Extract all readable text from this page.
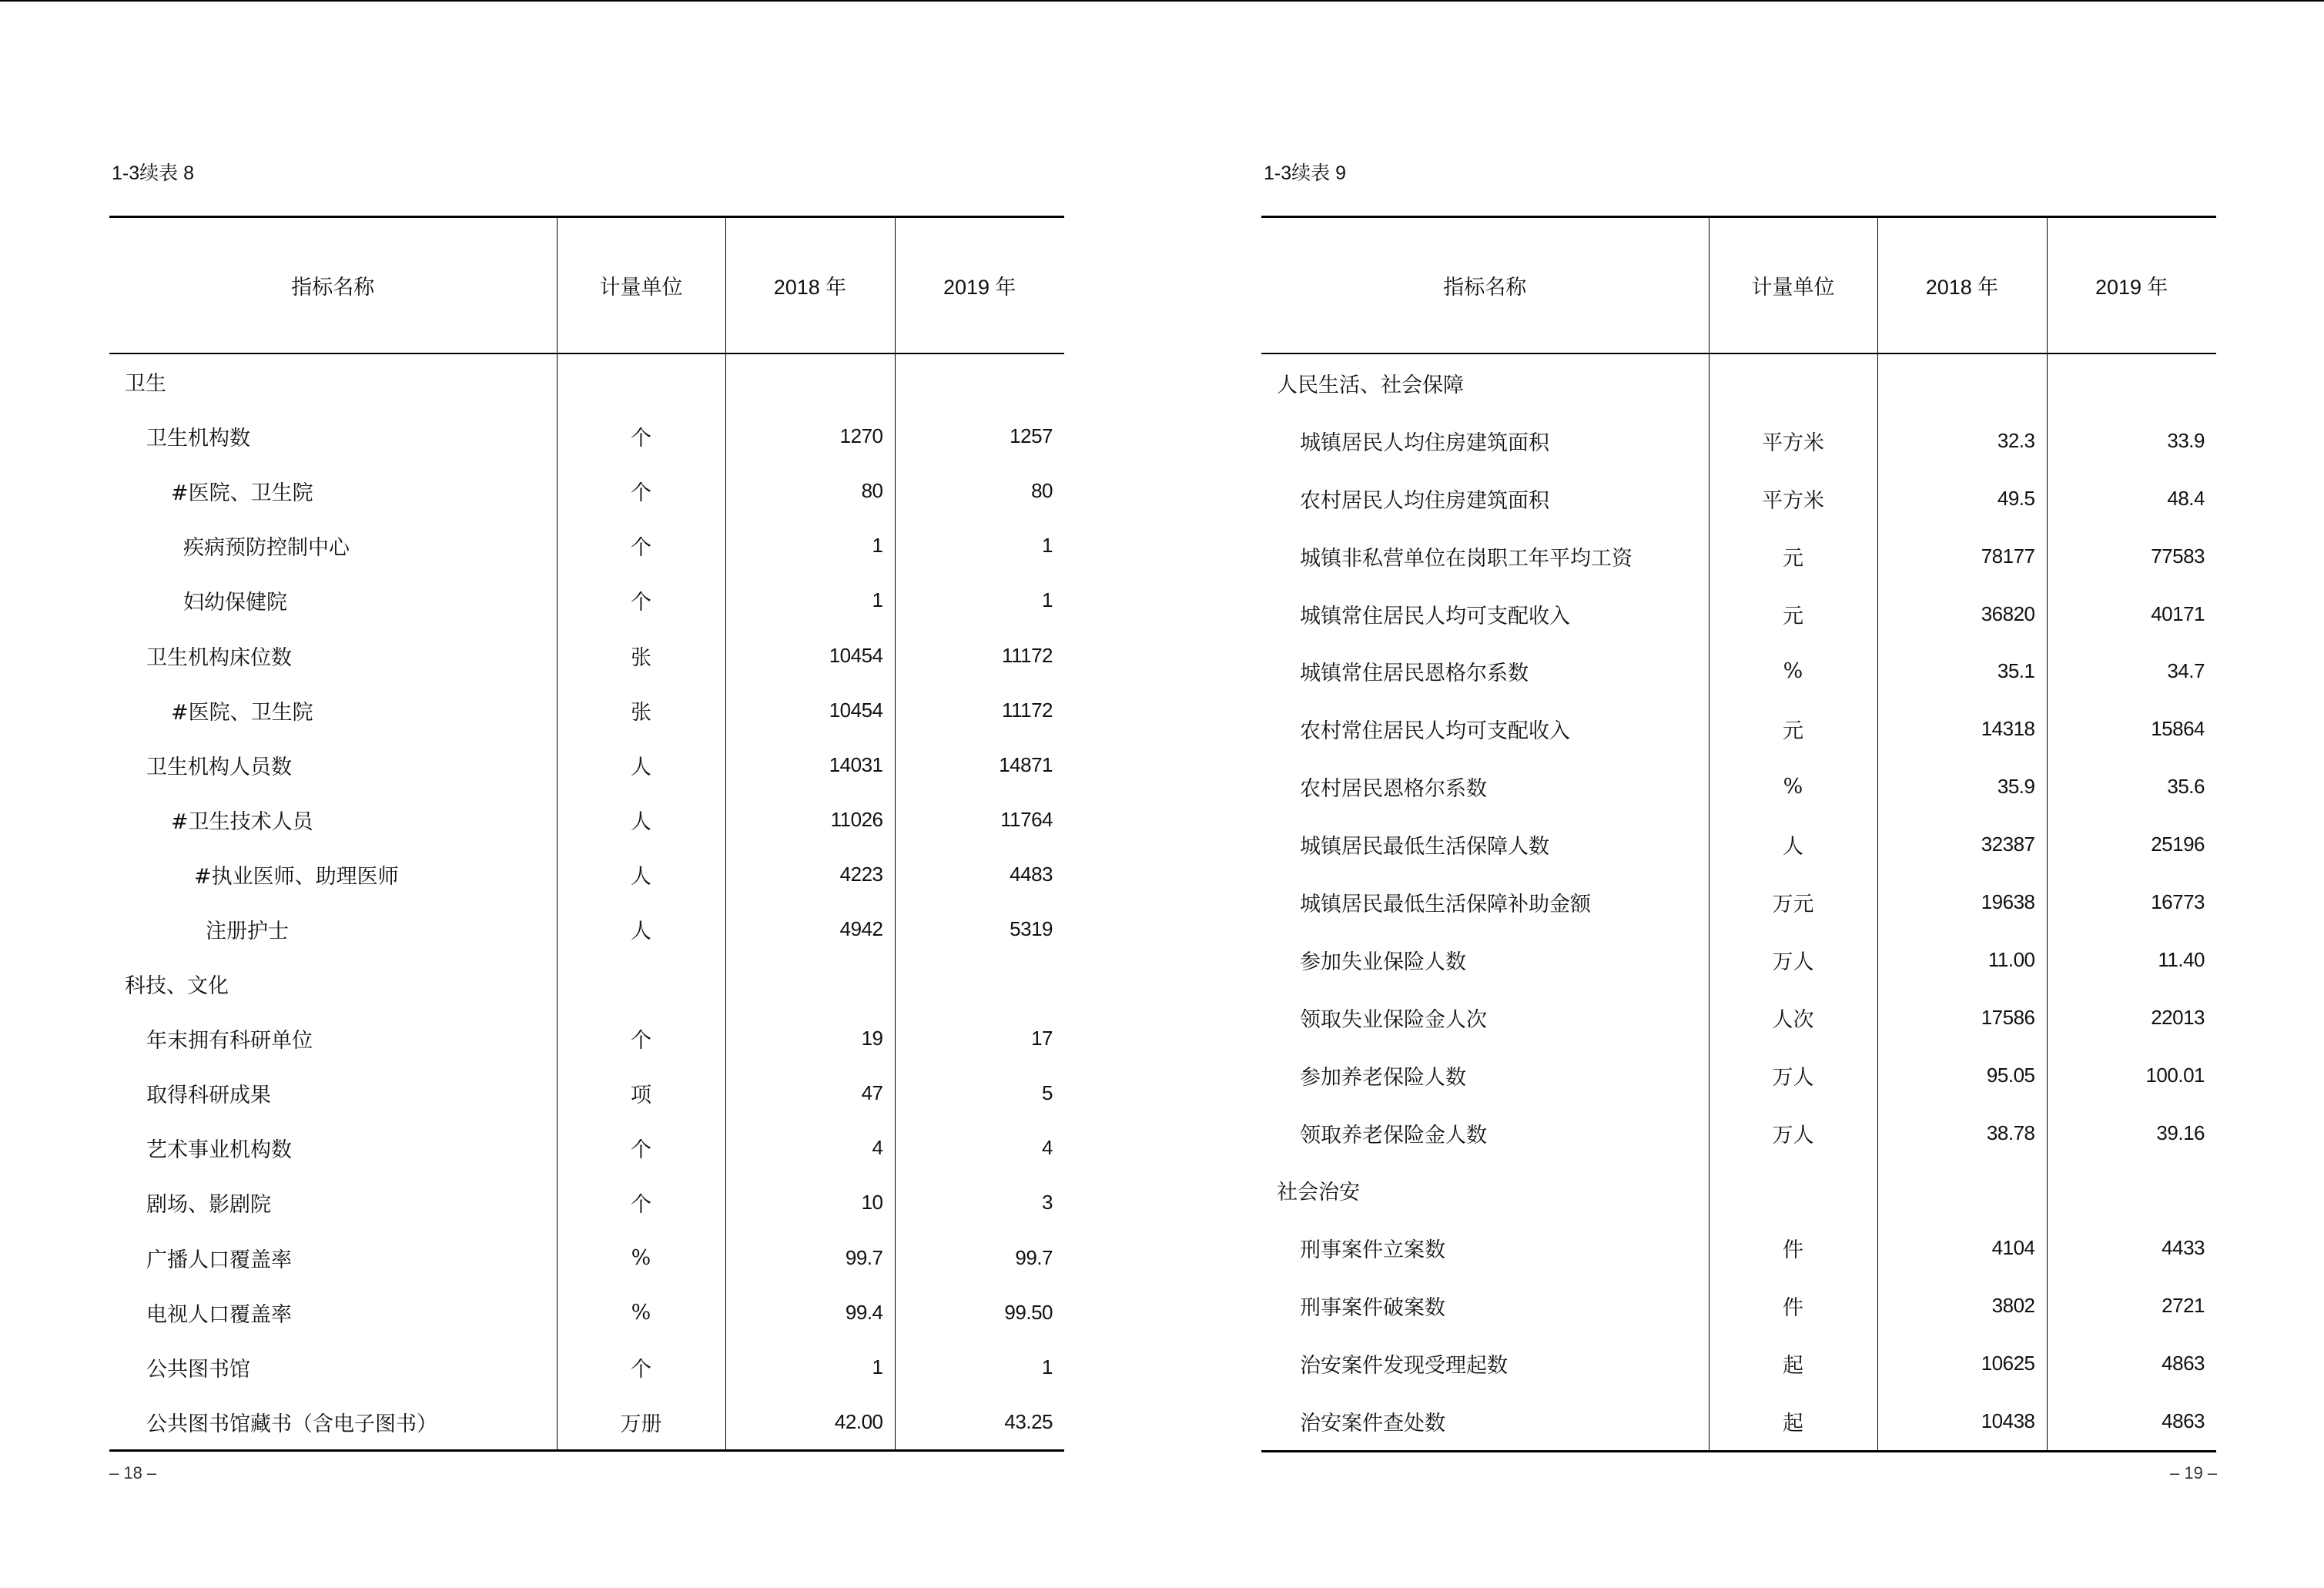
1-3续表 8
指标名称	计量单位	2018 年	2019 年
卫生			
卫生机构数	个	1270	1257
#医院、卫生院	个	80	80
疾病预防控制中心	个	1	1
妇幼保健院	个	1	1
卫生机构床位数	张	10454	11172
#医院、卫生院	张	10454	11172
卫生机构人员数	人	14031	14871
#卫生技术人员	人	11026	11764
#执业医师、助理医师	人	4223	4483
注册护士	人	4942	5319
科技、文化			
年末拥有科研单位	个	19	17
取得科研成果	项	47	5
艺术事业机构数	个	4	4
剧场、影剧院	个	10	3
广播人口覆盖率	%	99.7	99.7
电视人口覆盖率	%	99.4	99.50
公共图书馆	个	1	1
公共图书馆藏书（含电子图书）	万册	42.00	43.25
– 18 –
1-3续表 9
指标名称	计量单位	2018 年	2019 年
人民生活、社会保障			
城镇居民人均住房建筑面积	平方米	32.3	33.9
农村居民人均住房建筑面积	平方米	49.5	48.4
城镇非私营单位在岗职工年平均工资	元	78177	77583
城镇常住居民人均可支配收入	元	36820	40171
城镇常住居民恩格尔系数	%	35.1	34.7
农村常住居民人均可支配收入	元	14318	15864
农村居民恩格尔系数	%	35.9	35.6
城镇居民最低生活保障人数	人	32387	25196
城镇居民最低生活保障补助金额	万元	19638	16773
参加失业保险人数	万人	11.00	11.40
领取失业保险金人次	人次	17586	22013
参加养老保险人数	万人	95.05	100.01
领取养老保险金人数	万人	38.78	39.16
社会治安			
刑事案件立案数	件	4104	4433
刑事案件破案数	件	3802	2721
治安案件发现受理起数	起	10625	4863
治安案件查处数	起	10438	4863
– 19 –
